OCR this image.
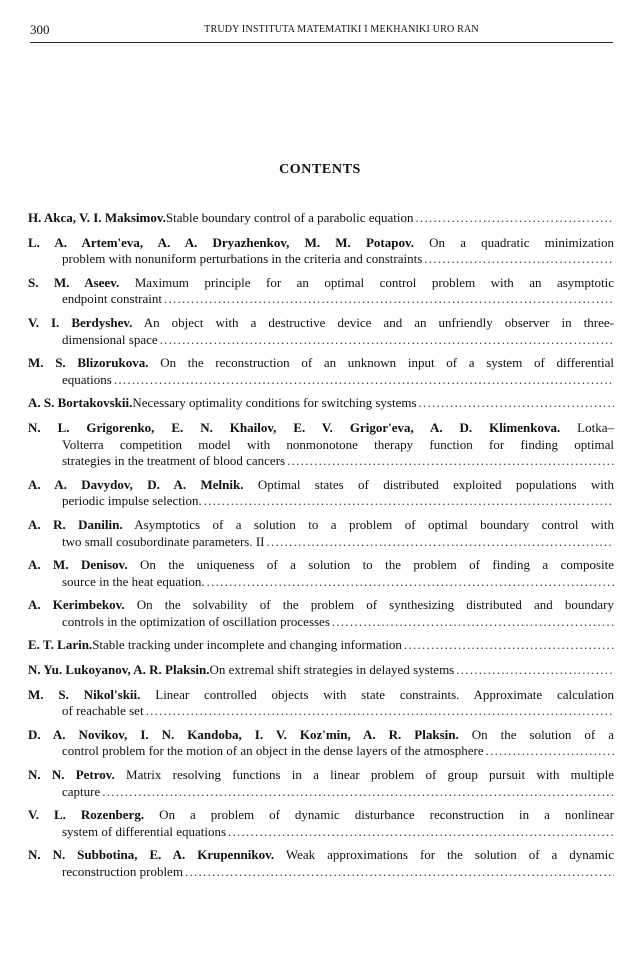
300	TRUDY INSTITUTA MATEMATIKI I MEKHANIKI URO RAN
CONTENTS
H. Akca, V. I. Maksimov. Stable boundary control of a parabolic equation
. . .
L. A. Artem'eva, A. A. Dryazhenkov, M. M. Potapov. On a quadratic minimization
problem with nonuniform perturbations in the criteria and constraints
. . .
S. M. Aseev. Maximum principle for an optimal control problem with an asymptotic
endpoint constraint
. . .
V. I. Berdyshev. An object with a destructive device and an unfriendly observer in three-
dimensional space
. . .
M. S. Blizorukova. On the reconstruction of an unknown input of a system of differential
equations
. . .
A. S. Bortakovskii. Necessary optimality conditions for switching systems
. . .
N. L. Grigorenko, E. N. Khailov, E. V. Grigor'eva, A. D. Klimenkova. Lotka–
Volterra competition model with nonmonotone therapy function for finding optimal
strategies in the treatment of blood cancers
. . .
A. A. Davydov, D. A. Melnik. Optimal states of distributed exploited populations with
periodic impulse selection.
. . .
A. R. Danilin. Asymptotics of a solution to a problem of optimal boundary control with
two small cosubordinate parameters. II
. . .
A. M. Denisov. On the uniqueness of a solution to the problem of finding a composite
source in the heat equation.
. . .
A. Kerimbekov. On the solvability of the problem of synthesizing distributed and boundary
controls in the optimization of oscillation processes
. . .
E. T. Larin. Stable tracking under incomplete and changing information
. . .
N. Yu. Lukoyanov, A. R. Plaksin. On extremal shift strategies in delayed systems
. . .
M. S. Nikol'skii. Linear controlled objects with state constraints. Approximate calculation
of reachable set
. . .
D. A. Novikov, I. N. Kandoba, I. V. Koz'min, A. R. Plaksin. On the solution of a
control problem for the motion of an object in the dense layers of the atmosphere
. . .
N. N. Petrov. Matrix resolving functions in a linear problem of group pursuit with multiple
capture
. . .
V. L. Rozenberg. On a problem of dynamic disturbance reconstruction in a nonlinear
system of differential equations
. . .
N. N. Subbotina, E. A. Krupennikov. Weak approximations for the solution of a dynamic
reconstruction problem
. . .
